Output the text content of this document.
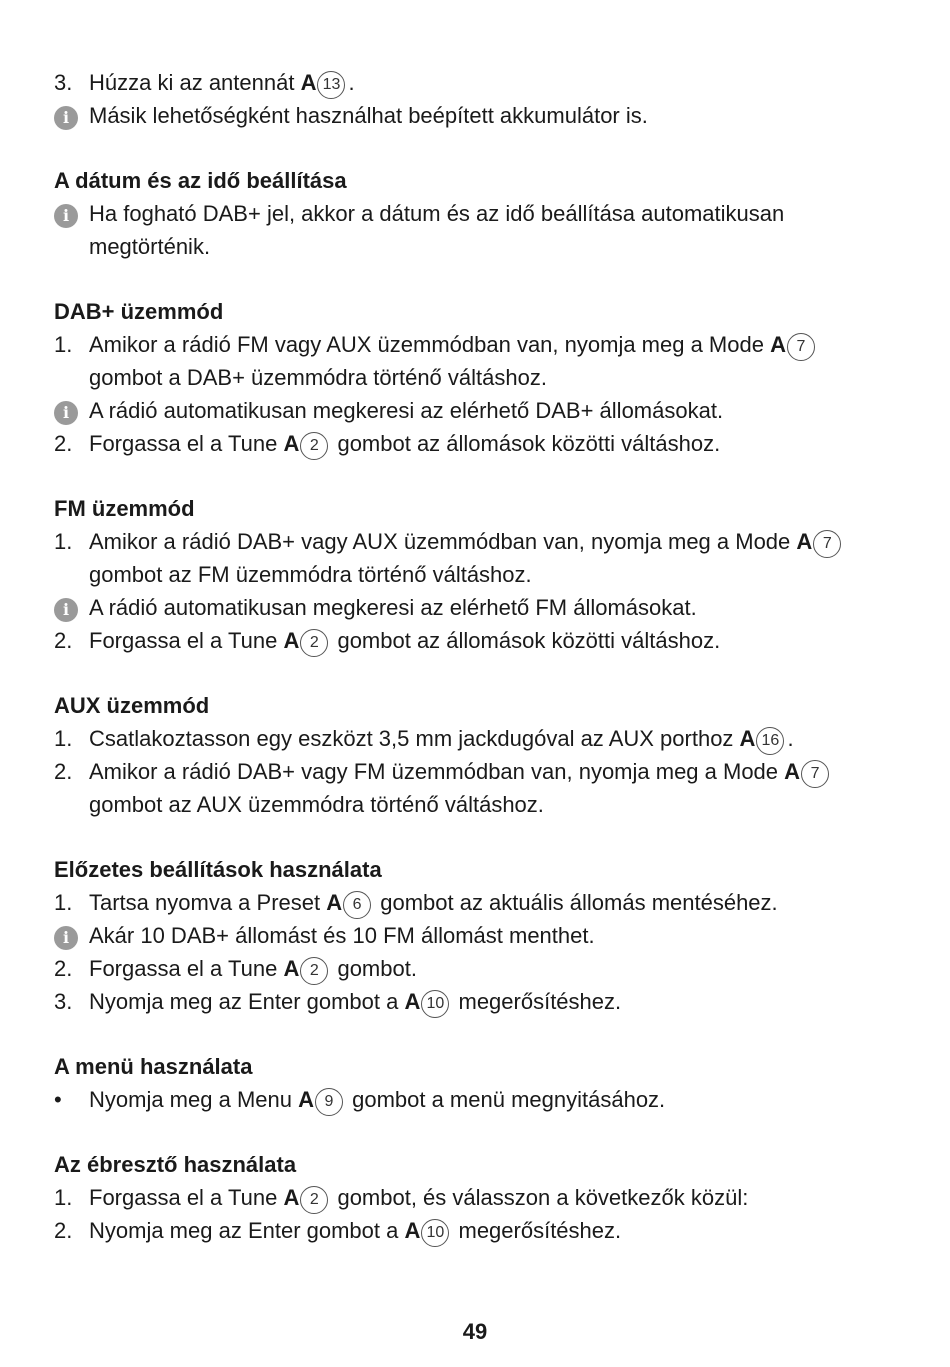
3. Húzza ki az antennát A 13 .
i Másik lehetőségként használhat beépített akkumulátor is.
A dátum és az idő beállítása
i Ha fogható DAB+ jel, akkor a dátum és az idő beállítása automatikusan megtörténik.
DAB+ üzemmód
1. Amikor a rádió FM vagy AUX üzemmódban van, nyomja meg a Mode A 7 gombot a DAB+ üzemmódra történő váltáshoz.
i A rádió automatikusan megkeresi az elérhető DAB+ állomásokat.
2. Forgassa el a Tune A 2 gombot az állomások közötti váltáshoz.
FM üzemmód
1. Amikor a rádió DAB+ vagy AUX üzemmódban van, nyomja meg a Mode A 7 gombot az FM üzemmódra történő váltáshoz.
i A rádió automatikusan megkeresi az elérhető FM állomásokat.
2. Forgassa el a Tune A 2 gombot az állomások közötti váltáshoz.
AUX üzemmód
1. Csatlakoztasson egy eszközt 3,5 mm jackdugóval az AUX porthoz A 16 .
2. Amikor a rádió DAB+ vagy FM üzemmódban van, nyomja meg a Mode A 7 gombot az AUX üzemmódra történő váltáshoz.
Előzetes beállítások használata
1. Tartsa nyomva a Preset A 6 gombot az aktuális állomás mentéséhez.
i Akár 10 DAB+ állomást és 10 FM állomást menthet.
2. Forgassa el a Tune A 2 gombot.
3. Nyomja meg az Enter gombot a A 10 megerősítéshez.
A menü használata
•	Nyomja meg a Menu A 9 gombot a menü megnyitásához.
Az ébresztő használata
1. Forgassa el a Tune A 2 gombot, és válasszon a következők közül:
2. Nyomja meg az Enter gombot a A 10 megerősítéshez.
49
